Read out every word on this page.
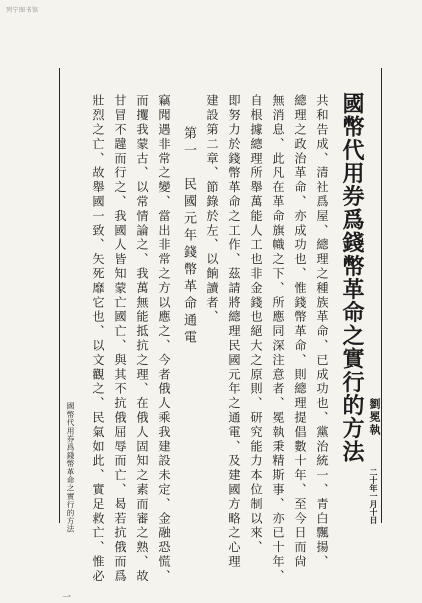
列宁图书馆
國幣代用券爲錢幣革命之實行的方法 劉冕執
二十年一月十日
共和告成、清社爲屋、總理之種族革命、已成功也、黨治統一、青白飄揚、
總理之政治革命、亦成功也、惟錢幣革命、則總理提倡數十年、至今日而尙
無消息、此凡在革命旗幟之下、所應同深注意者、冕執秉精斯事、亦已十年、
自根據總理所舉萬能人工也非金錢也絕大之原則、研究能力本位制以來、
即努力於錢幣革命之工作、茲請將總理民國元年之通電、及建國方略之心理
建設第二章、節錄於左、以餉讀者、
第一　民國元年錢幣革命通電
竊聞遇非常之變、當出非常之方以應之、今者俄人乘我建設未定、金融恐慌、
而攫我蒙古、以常情論之、我萬無能抵抗之理、在俄人固知之素而審之熟、故
甘冒不韙而行之、我國人皆知蒙亡國亡、與其不抗俄屈辱而亡、曷若抗俄而爲
壯烈之亡、故舉國一致、矢死靡它也、以文觀之、民氣如此、實足救亡、惟必
國幣代用券爲錢幣革命之實行的方法
一
